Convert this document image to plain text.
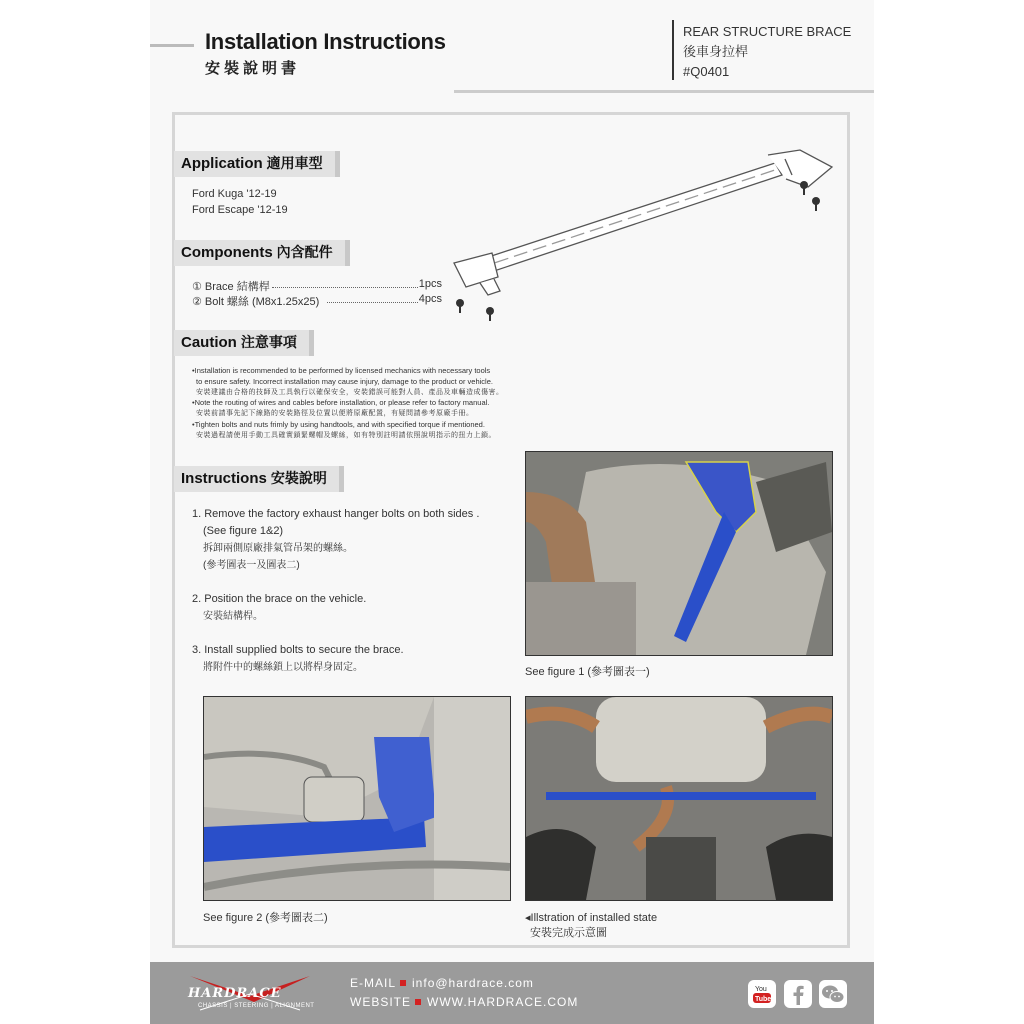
Installation Instructions
安裝說明書
REAR STRUCTURE BRACE
後車身拉桿
#Q0401
Application 適用車型
Ford Kuga '12-19
Ford Escape '12-19
Components 內含配件
① Brace 結構桿	1pcs
② Bolt 螺絲 (M8x1.25x25)	4pcs
Caution 注意事項
•Installation is recommended to be performed by licensed mechanics with necessary tools
to ensure safety. Incorrect installation may cause injury, damage to the product or vehicle.
安裝建議由合格的技師及工具執行以確保安全，安裝錯誤可能對人員、產品及車輛造成傷害。
•Note the routing of wires and cables before installation, or please refer to factory manual.
安裝前請事先記下線路的安裝路徑及位置以便將原廠配置，有疑問請參考原廠手冊。
•Tighten bolts and nuts frimly by using handtools, and with specified torque if mentioned.
安裝過程請使用手動工具確實鎖緊螺帽及螺絲，如有特別註明請依照說明指示的扭力上鎖。
Instructions 安裝說明
1. Remove the factory exhaust hanger bolts on both sides .
(See figure 1&2)
拆卸兩側原廠排氣管吊架的螺絲。
(參考圖表一及圖表二)
2. Position the brace on the vehicle.
安裝結構桿。
3. Install supplied bolts to secure the brace.
將附件中的螺絲鎖上以將桿身固定。	See figure 1 (參考圖表一)
See figure 2 (參考圖表二)	◂Illstration of installed state
安裝完成示意圖
HARDRACE
CHASSIS | STEERING | ALIGNMENT
E-MAIL info@hardrace.com
WEBSITE WWW.HARDRACE.COM
You
Tube
